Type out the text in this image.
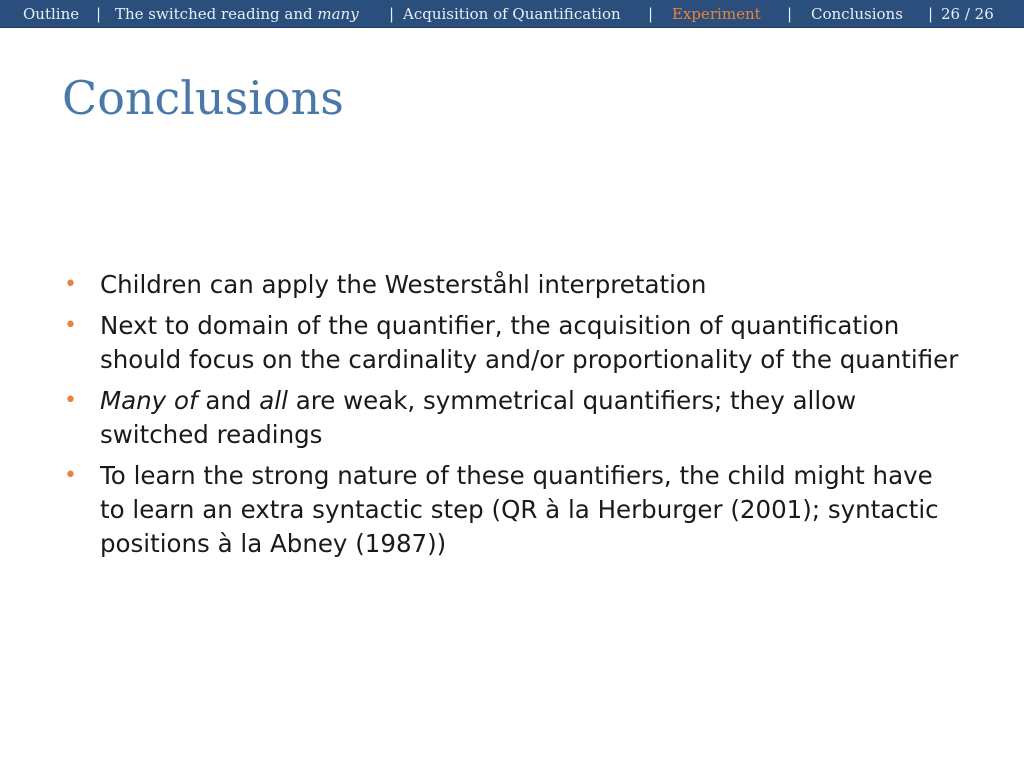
Outline | The switched reading and many | Acquisition of Quantification | Experiment | Conclusions | 26 / 26
Conclusions
• Children can apply the Westerståhl interpretation
• Next to domain of the quantifier, the acquisition of quantification should focus on the cardinality and/or proportionality of the quantifier
• Many of and all are weak, symmetrical quantifiers; they allow switched readings
• To learn the strong nature of these quantifiers, the child might have to learn an extra syntactic step (QR à la Herburger (2001); syntactic positions à la Abney (1987))
